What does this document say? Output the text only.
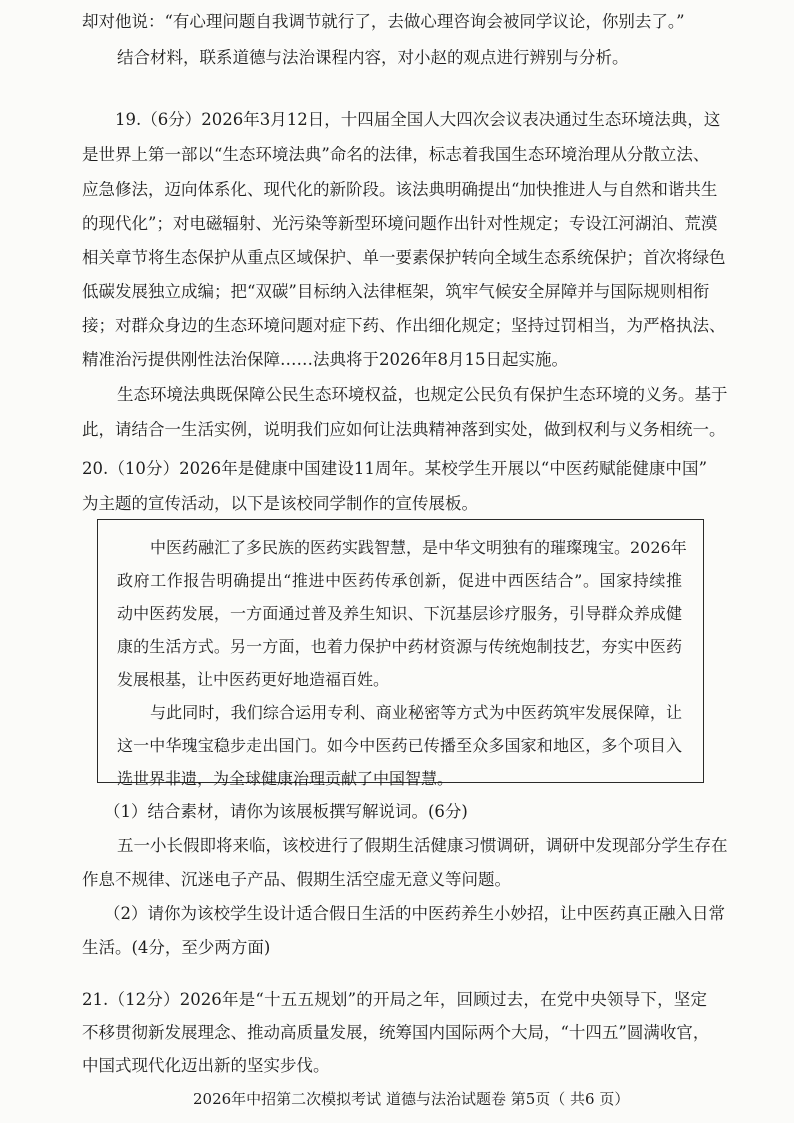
却对他说：“有心理问题自我调节就行了，去做心理咨询会被同学议论，你别去了。”
结合材料，联系道德与法治课程内容，对小赵的观点进行辨别与分析。
19.（6分）2026年3月12日，十四届全国人大四次会议表决通过生态环境法典，这
是世界上第一部以“生态环境法典”命名的法律，标志着我国生态环境治理从分散立法、
应急修法，迈向体系化、现代化的新阶段。该法典明确提出“加快推进人与自然和谐共生
的现代化”；对电磁辐射、光污染等新型环境问题作出针对性规定；专设江河湖泊、荒漠
相关章节将生态保护从重点区域保护、单一要素保护转向全域生态系统保护；首次将绿色
低碳发展独立成编；把“双碳”目标纳入法律框架，筑牢气候安全屏障并与国际规则相衔
接；对群众身边的生态环境问题对症下药、作出细化规定；坚持过罚相当，为严格执法、
精准治污提供刚性法治保障……法典将于2026年8月15日起实施。
生态环境法典既保障公民生态环境权益，也规定公民负有保护生态环境的义务。基于
此，请结合一生活实例，说明我们应如何让法典精神落到实处，做到权利与义务相统一。
20.（10分）2026年是健康中国建设11周年。某校学生开展以“中医药赋能健康中国”
为主题的宣传活动，以下是该校同学制作的宣传展板。
中医药融汇了多民族的医药实践智慧，是中华文明独有的璀璨瑰宝。2026年
政府工作报告明确提出“推进中医药传承创新，促进中西医结合”。国家持续推
动中医药发展，一方面通过普及养生知识、下沉基层诊疗服务，引导群众养成健
康的生活方式。另一方面，也着力保护中药材资源与传统炮制技艺，夯实中医药
发展根基，让中医药更好地造福百姓。
与此同时，我们综合运用专利、商业秘密等方式为中医药筑牢发展保障，让
这一中华瑰宝稳步走出国门。如今中医药已传播至众多国家和地区，多个项目入
选世界非遗，为全球健康治理贡献了中国智慧。
（1）结合素材，请你为该展板撰写解说词。(6分)
五一小长假即将来临，该校进行了假期生活健康习惯调研，调研中发现部分学生存在
作息不规律、沉迷电子产品、假期生活空虚无意义等问题。
（2）请你为该校学生设计适合假日生活的中医药养生小妙招，让中医药真正融入日常
生活。(4分，至少两方面)
21.（12分）2026年是“十五五规划”的开局之年，回顾过去，在党中央领导下，坚定
不移贯彻新发展理念、推动高质量发展，统筹国内国际两个大局，“十四五”圆满收官，
中国式现代化迈出新的坚实步伐。
2026年中招第二次模拟考试 道德与法治试题卷 第5页（ 共6 页）
